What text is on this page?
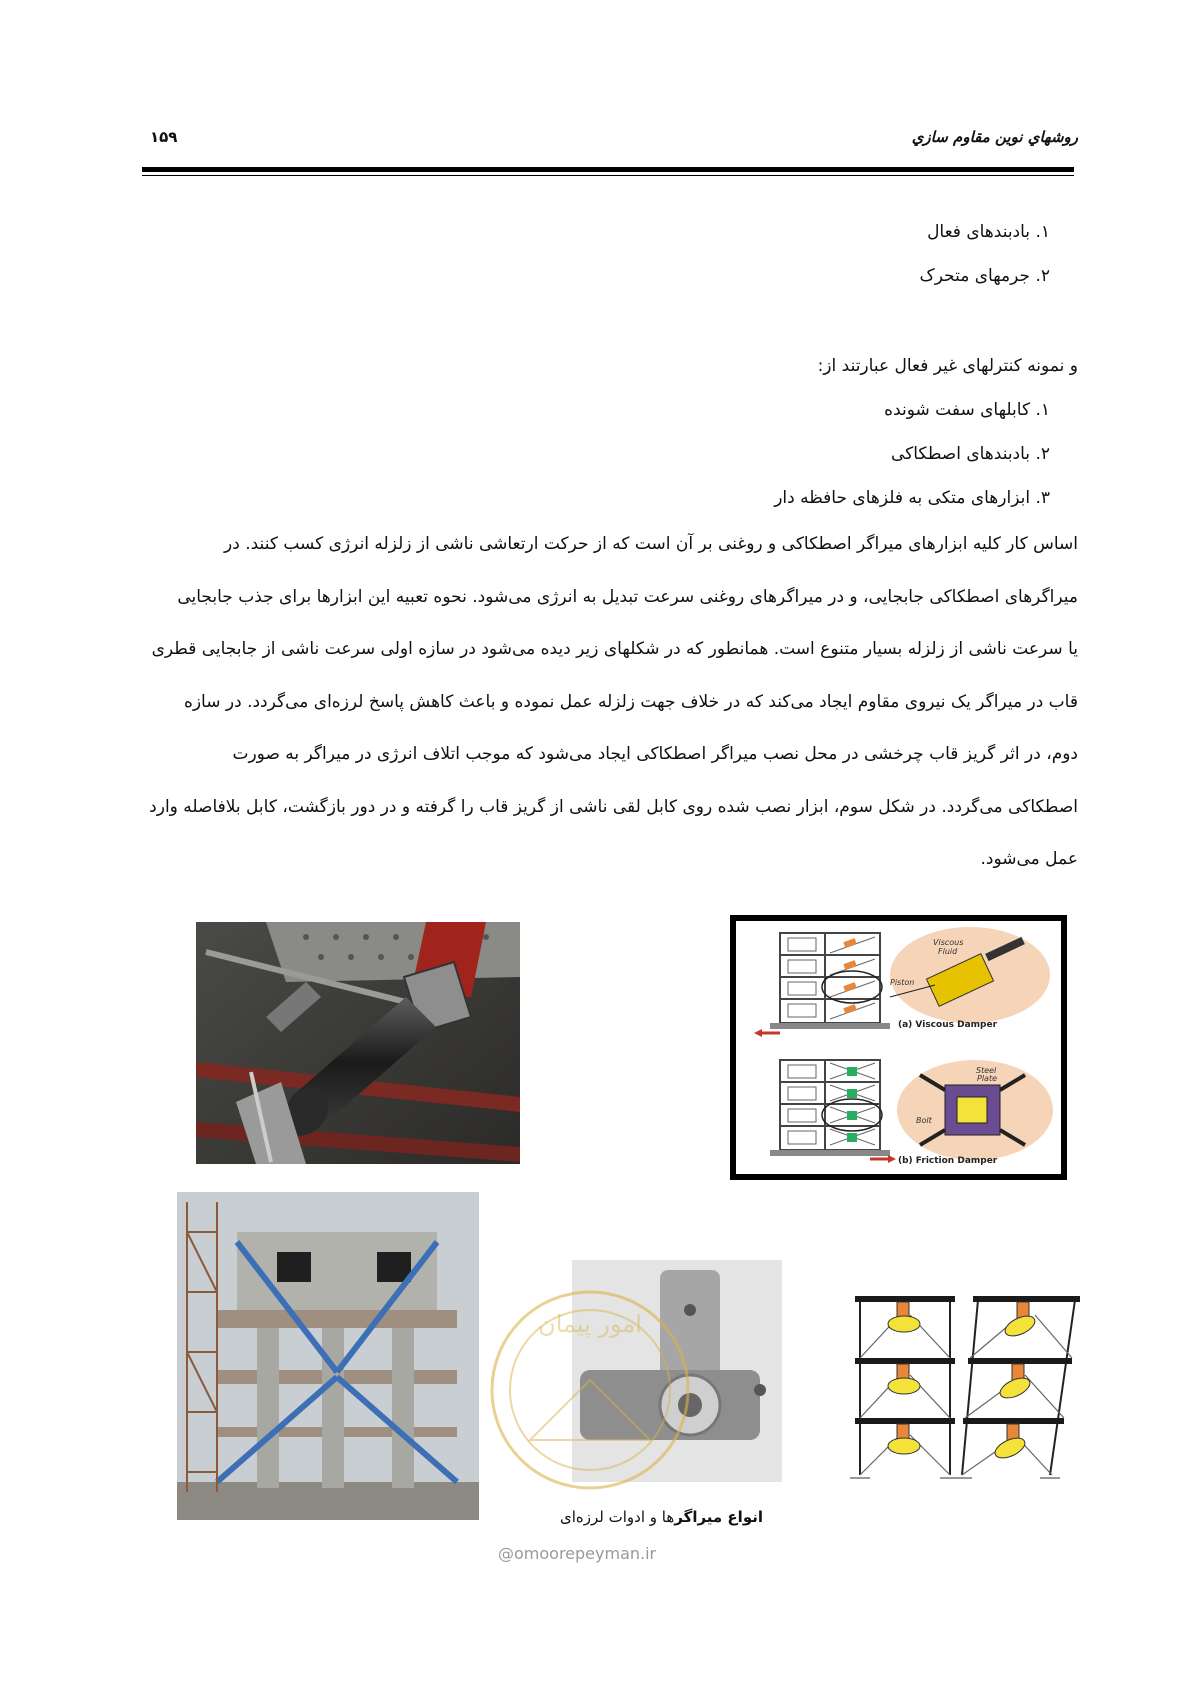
روشهاي نوين مقاوم سازي
۱۵۹
۱. بادبندهای فعال
۲. جرمهای متحرک
و نمونه کنترلهای غیر فعال عبارتند از:
۱. کابلهای سفت شونده
۲. بادبندهای اصطکاکی
۳. ابزارهای متکی به فلزهای حافظه دار
اساس کار کلیه ابزارهای میراگر اصطکاکی و روغنی بر آن است که از حرکت ارتعاشی ناشی از زلزله انرژی کسب کنند. در
میراگرهای اصطکاکی جابجایی، و در میراگرهای روغنی سرعت تبدیل به انرژی می‌شود. نحوه تعبیه این ابزارها برای جذب جابجایی
یا سرعت ناشی از زلزله بسیار متنوع است. همانطور که در شکلهای زیر دیده می‌شود در سازه اولی سرعت ناشی از جابجایی قطری
قاب در میراگر یک نیروی مقاوم ایجاد می‌کند که در خلاف جهت زلزله عمل نموده و باعث کاهش پاسخ لرزه‌ای می‌گردد. در سازه
دوم، در اثر گریز قاب چرخشی در محل نصب میراگر اصطکاکی ایجاد می‌شود که موجب اتلاف انرژی در میراگر به صورت
اصطکاکی می‌گردد. در شکل سوم، ابزار نصب شده روی کابل لقی ناشی از گریز قاب را گرفته و در دور بازگشت، کابل بلافاصله وارد
عمل می‌شود.
Viscous
Fluid
Piston
(a) Viscous Damper
Steel
Plate
Bolt
(b) Friction Damper
امور پیمان
انواع میراگرها و ادوات لرزه‌ای
@omoorepeyman.ir
